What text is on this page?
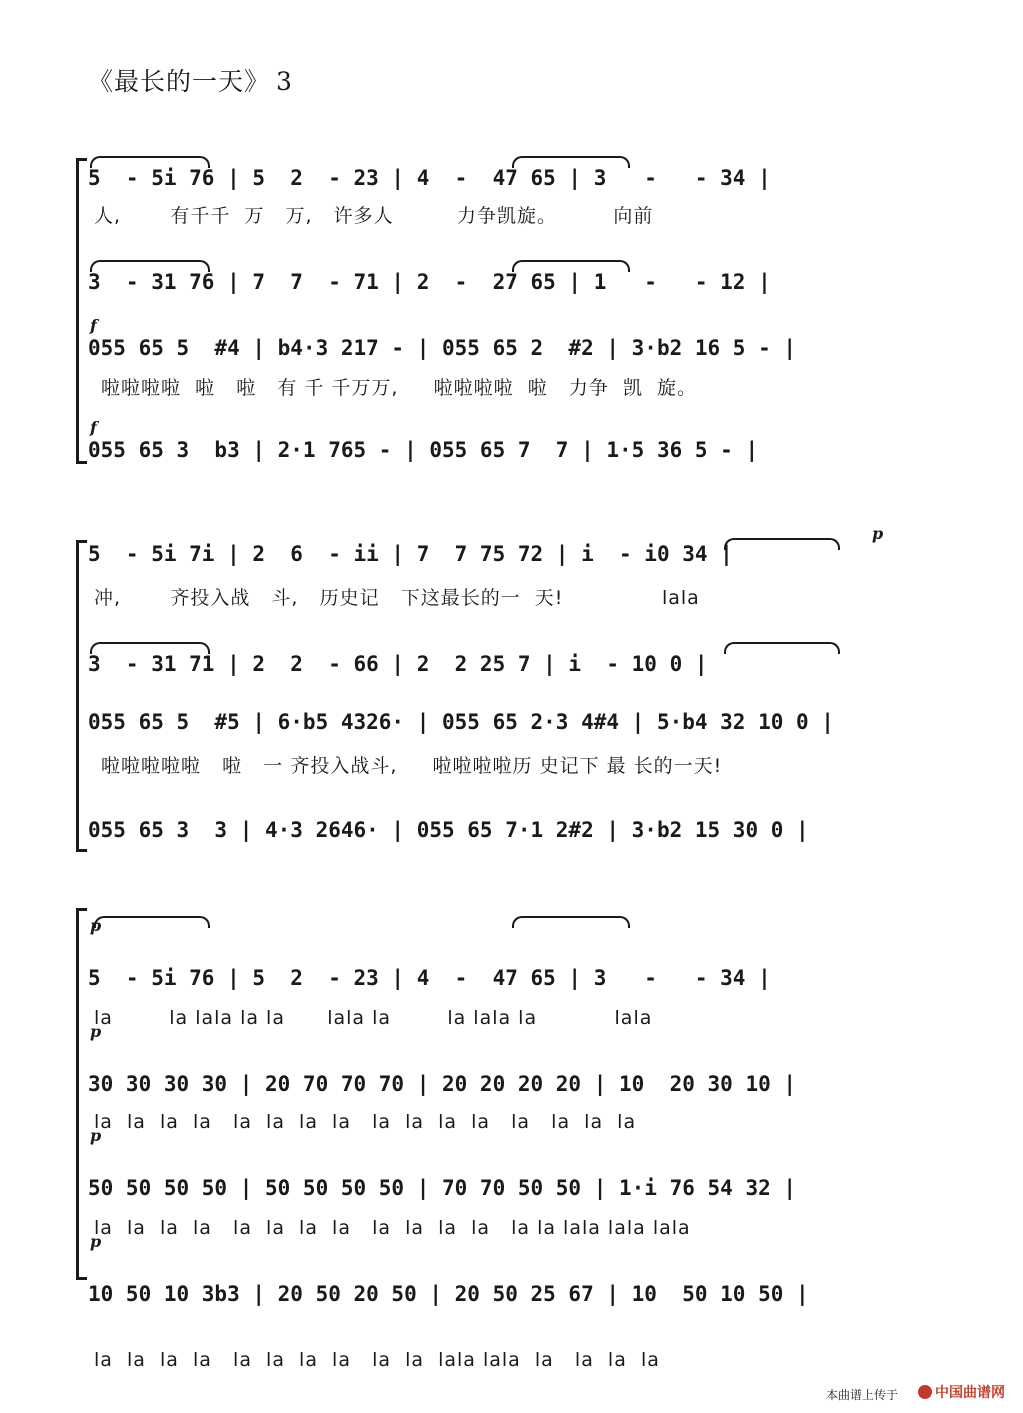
《最长的一天》 3
5  - 5i 76 | 5  2  - 23 | 4  -  47 65 | 3   -   - 34 |
人,       有千千  万   万,   许多人         力争凯旋。        向前
3  - 31 76 | 7  7  - 71 | 2  -  27 65 | 1   -   - 12 |
f
055 65 5  #4 | b4·3 217 - | 055 65 2  #2 | 3·b2 16 5 - |
啦啦啦啦  啦   啦   有 千 千万万,     啦啦啦啦  啦   力争  凯  旋。
f
055 65 3  b3 | 2·1 765 - | 055 65 7  7 | 1·5 36 5 - |
p
5  - 5i 7i | 2  6  - ii | 7  7 75 72 | i  - i0 34 |
冲,       齐投入战   斗,   历史记   下这最长的一  天!              lala
3  - 31 71 | 2  2  - 66 | 2  2 25 7 | i  - 10 0 |
055 65 5  #5 | 6·b5 4326· | 055 65 2·3 4#4 | 5·b4 32 10 0 |
啦啦啦啦啦   啦   一 齐投入战斗,     啦啦啦啦历 史记下 最 长的一天!
055 65 3  3 | 4·3 2646· | 055 65 7·1 2#2 | 3·b2 15 30 0 |
p
5  - 5i 76 | 5  2  - 23 | 4  -  47 65 | 3   -   - 34 |
la        la lala la la      lala la        la lala la           lala
p
30 30 30 30 | 20 70 70 70 | 20 20 20 20 | 10  20 30 10 |
la  la  la  la   la  la  la  la   la  la  la  la   la   la  la  la
p
50 50 50 50 | 50 50 50 50 | 70 70 50 50 | 1·i 76 54 32 |
la  la  la  la   la  la  la  la   la  la  la  la   la la lala lala lala
p
10 50 10 3b3 | 20 50 20 50 | 20 50 25 67 | 10  50 10 50 |
la  la  la  la   la  la  la  la   la  la  lala lala  la   la  la  la
本曲谱上传于	中国曲谱网
